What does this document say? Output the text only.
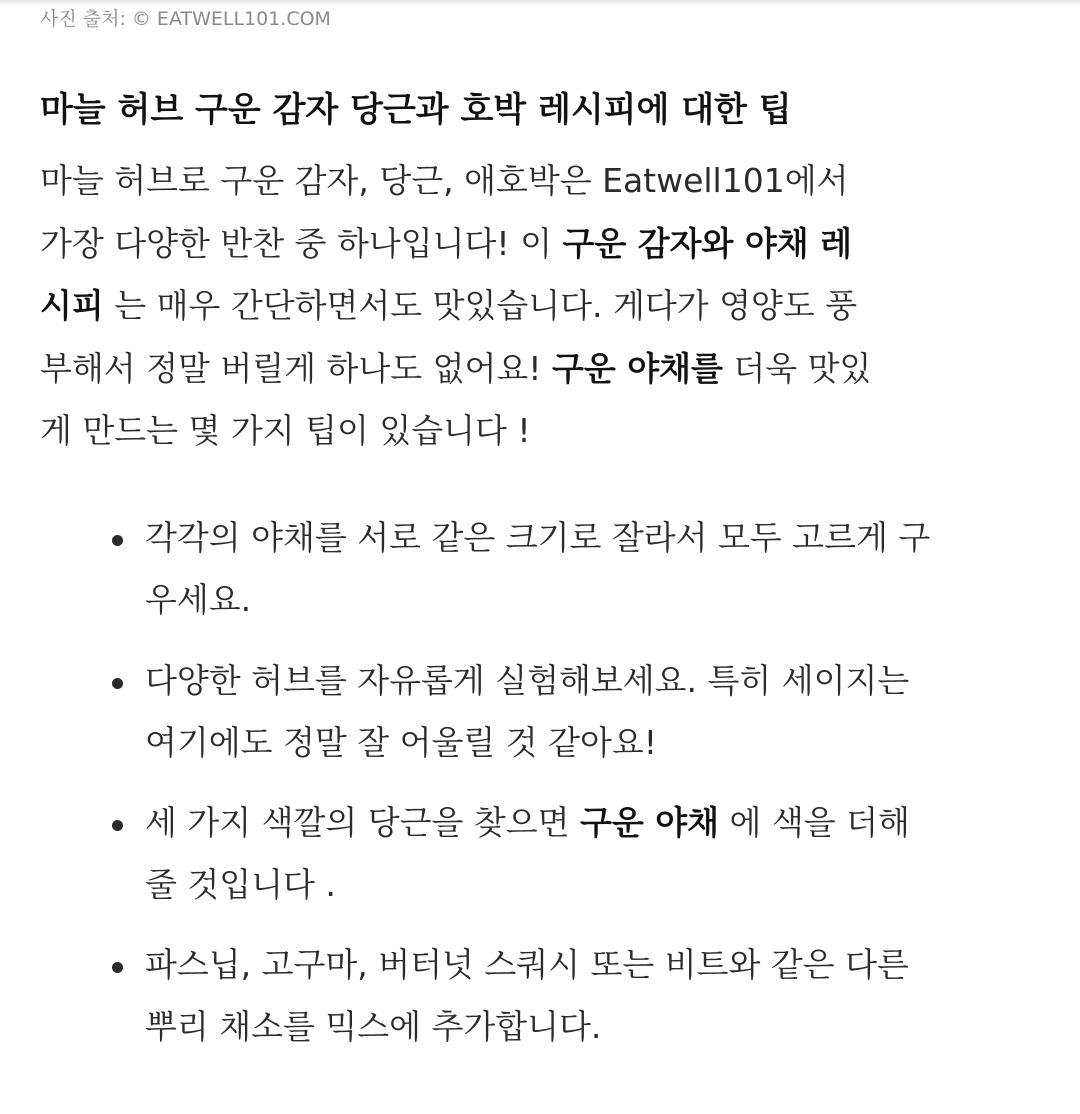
사진 출처: © EATWELL101.COM
마늘 허브 구운 감자 당근과 호박 레시피에 대한 팁

마늘 허브로 구운 감자, 당근, 애호박은 Eatwell101에서
가장 다양한 반찬 중 하나입니다! 이 구운 감자와 야채 레
시피 는 매우 간단하면서도 맛있습니다. 게다가 영양도 풍
부해서 정말 버릴게 하나도 없어요! 구운 야채를 더욱 맛있
게 만드는 몇 가지 팁이 있습니다 !

각각의 야채를 서로 같은 크기로 잘라서 모두 고르게 구
우세요.
다양한 허브를 자유롭게 실험해보세요. 특히 세이지는
여기에도 정말 잘 어울릴 것 같아요!
세 가지 색깔의 당근을 찾으면 구운 야채 에 색을 더해
줄 것입니다 .
파스닙, 고구마, 버터넛 스쿼시 또는 비트와 같은 다른
뿌리 채소를 믹스에 추가합니다.
